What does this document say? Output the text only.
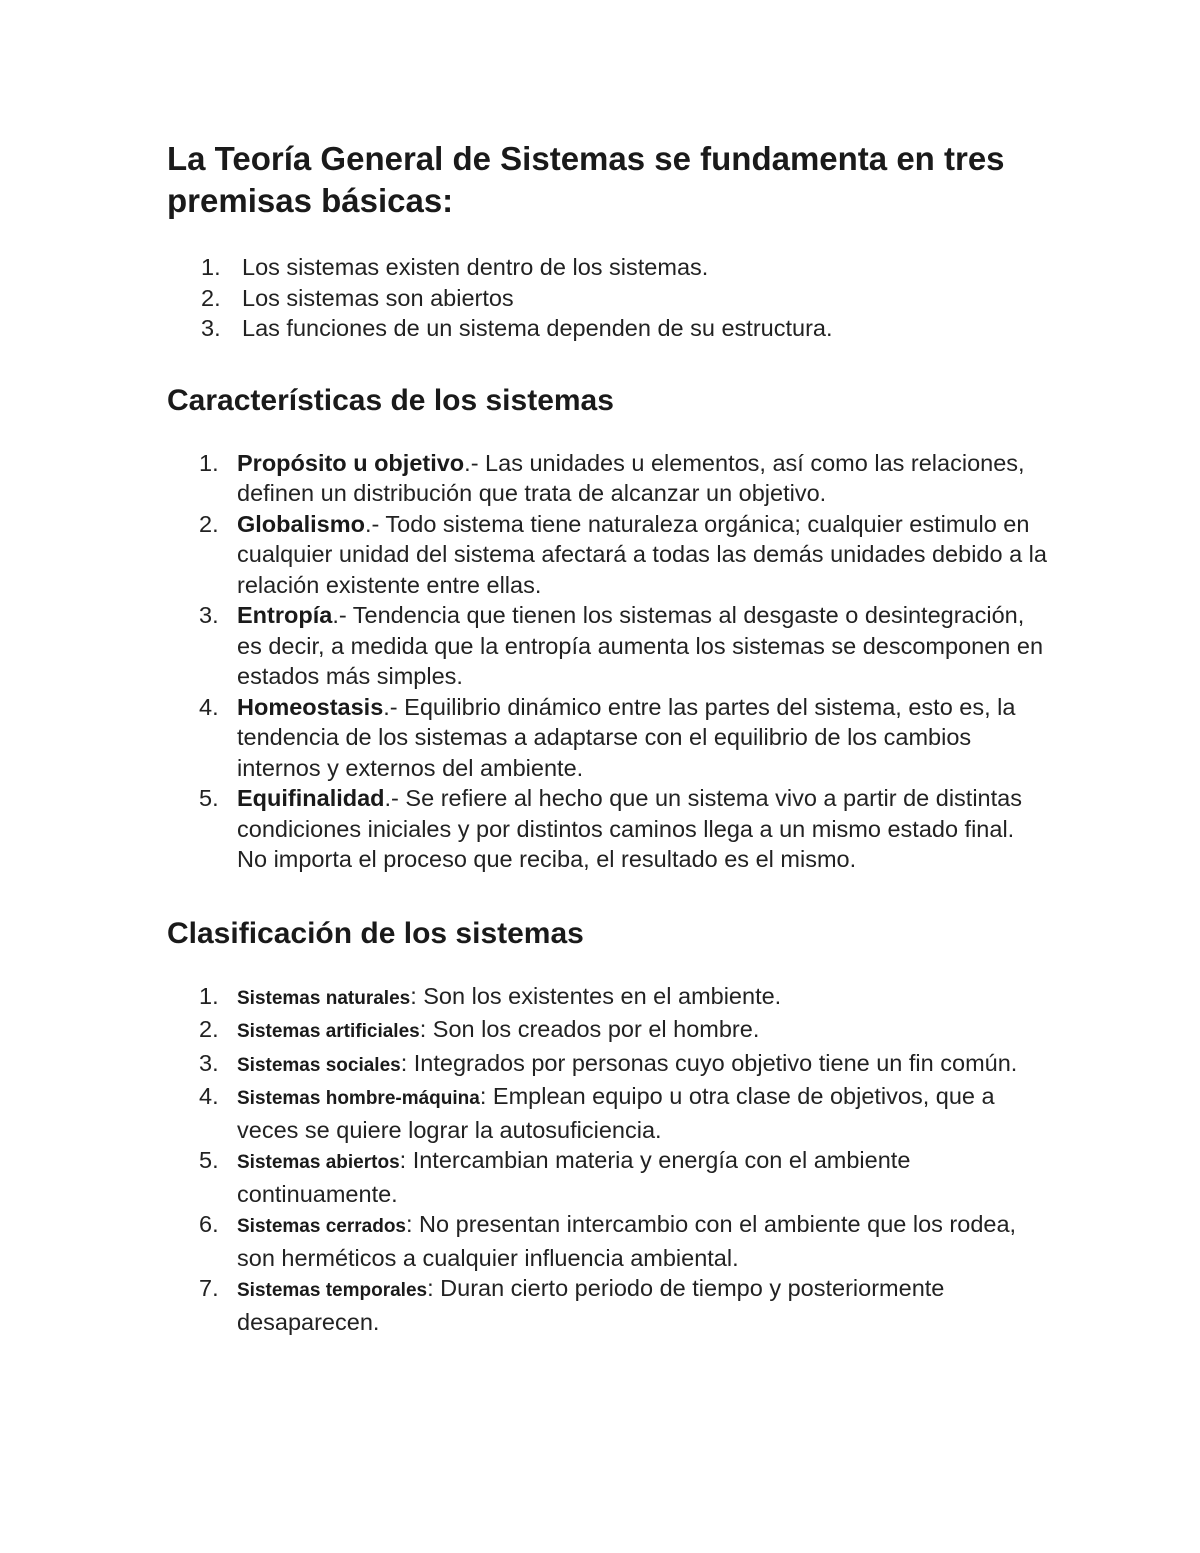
La Teoría General de Sistemas se fundamenta en tres premisas básicas:
1. Los sistemas existen dentro de los sistemas.
2. Los sistemas son abiertos
3. Las funciones de un sistema dependen de su estructura.
Características de los sistemas
1. Propósito u objetivo.- Las unidades u elementos, así como las relaciones, definen un distribución que trata de alcanzar un objetivo.
2. Globalismo.- Todo sistema tiene naturaleza orgánica; cualquier estimulo en cualquier unidad del sistema afectará a todas las demás unidades debido a la relación existente entre ellas.
3. Entropía.- Tendencia que tienen los sistemas al desgaste o desintegración, es decir, a medida que la entropía aumenta los sistemas se descomponen en estados más simples.
4. Homeostasis.- Equilibrio dinámico entre las partes del sistema, esto es, la tendencia de los sistemas a adaptarse con el equilibrio de los cambios internos y externos del ambiente.
5. Equifinalidad.- Se refiere al hecho que un sistema vivo a partir de distintas condiciones iniciales y por distintos caminos llega a un mismo estado final. No importa el proceso que reciba, el resultado es el mismo.
Clasificación de los sistemas
1. Sistemas naturales: Son los existentes en el ambiente.
2. Sistemas artificiales: Son los creados por el hombre.
3. Sistemas sociales: Integrados por personas cuyo objetivo tiene un fin común.
4. Sistemas hombre-máquina: Emplean equipo u otra clase de objetivos, que a veces se quiere lograr la autosuficiencia.
5. Sistemas abiertos: Intercambian materia y energía con el ambiente continuamente.
6. Sistemas cerrados: No presentan intercambio con el ambiente que los rodea, son herméticos a cualquier influencia ambiental.
7. Sistemas temporales: Duran cierto periodo de tiempo y posteriormente desaparecen.
